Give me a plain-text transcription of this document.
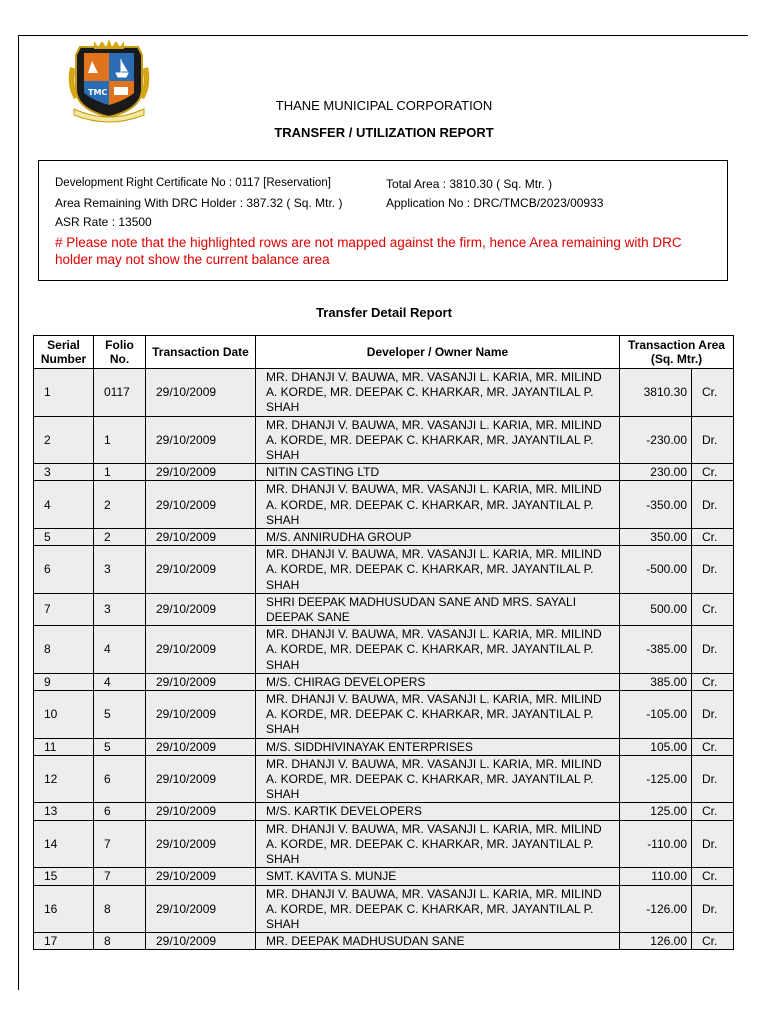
TMC
THANE MUNICIPAL CORPORATION
TRANSFER / UTILIZATION REPORT
Development Right Certificate No : 0117 [Reservation]	Total Area : 3810.30 ( Sq. Mtr. )
Area Remaining With DRC Holder : 387.32 ( Sq. Mtr. )	Application No : DRC/TMCB/2023/00933
ASR Rate : 13500
# Please note that the highlighted rows are not mapped against the firm, hence Area remaining with DRC holder may not show the current balance area
Transfer Detail Report
Serial Number	Folio No.	Transaction Date	Developer / Owner Name	Transaction Area (Sq. Mtr.)	
1	0117	29/10/2009	MR. DHANJI V. BAUWA, MR. VASANJI L. KARIA, MR. MILIND A. KORDE, MR. DEEPAK C. KHARKAR, MR. JAYANTILAL P. SHAH	3810.30	Cr.
2	1	29/10/2009	MR. DHANJI V. BAUWA, MR. VASANJI L. KARIA, MR. MILIND A. KORDE, MR. DEEPAK C. KHARKAR, MR. JAYANTILAL P. SHAH	-230.00	Dr.
3	1	29/10/2009	NITIN CASTING LTD	230.00	Cr.
4	2	29/10/2009	MR. DHANJI V. BAUWA, MR. VASANJI L. KARIA, MR. MILIND A. KORDE, MR. DEEPAK C. KHARKAR, MR. JAYANTILAL P. SHAH	-350.00	Dr.
5	2	29/10/2009	M/S. ANNIRUDHA GROUP	350.00	Cr.
6	3	29/10/2009	MR. DHANJI V. BAUWA, MR. VASANJI L. KARIA, MR. MILIND A. KORDE, MR. DEEPAK C. KHARKAR, MR. JAYANTILAL P. SHAH	-500.00	Dr.
7	3	29/10/2009	SHRI DEEPAK MADHUSUDAN SANE AND MRS. SAYALI DEEPAK SANE	500.00	Cr.
8	4	29/10/2009	MR. DHANJI V. BAUWA, MR. VASANJI L. KARIA, MR. MILIND A. KORDE, MR. DEEPAK C. KHARKAR, MR. JAYANTILAL P. SHAH	-385.00	Dr.
9	4	29/10/2009	M/S. CHIRAG DEVELOPERS	385.00	Cr.
10	5	29/10/2009	MR. DHANJI V. BAUWA, MR. VASANJI L. KARIA, MR. MILIND A. KORDE, MR. DEEPAK C. KHARKAR, MR. JAYANTILAL P. SHAH	-105.00	Dr.
11	5	29/10/2009	M/S. SIDDHIVINAYAK ENTERPRISES	105.00	Cr.
12	6	29/10/2009	MR. DHANJI V. BAUWA, MR. VASANJI L. KARIA, MR. MILIND A. KORDE, MR. DEEPAK C. KHARKAR, MR. JAYANTILAL P. SHAH	-125.00	Dr.
13	6	29/10/2009	M/S. KARTIK DEVELOPERS	125.00	Cr.
14	7	29/10/2009	MR. DHANJI V. BAUWA, MR. VASANJI L. KARIA, MR. MILIND A. KORDE, MR. DEEPAK C. KHARKAR, MR. JAYANTILAL P. SHAH	-110.00	Dr.
15	7	29/10/2009	SMT. KAVITA S. MUNJE	110.00	Cr.
16	8	29/10/2009	MR. DHANJI V. BAUWA, MR. VASANJI L. KARIA, MR. MILIND A. KORDE, MR. DEEPAK C. KHARKAR, MR. JAYANTILAL P. SHAH	-126.00	Dr.
17	8	29/10/2009	MR. DEEPAK MADHUSUDAN SANE	126.00	Cr.
